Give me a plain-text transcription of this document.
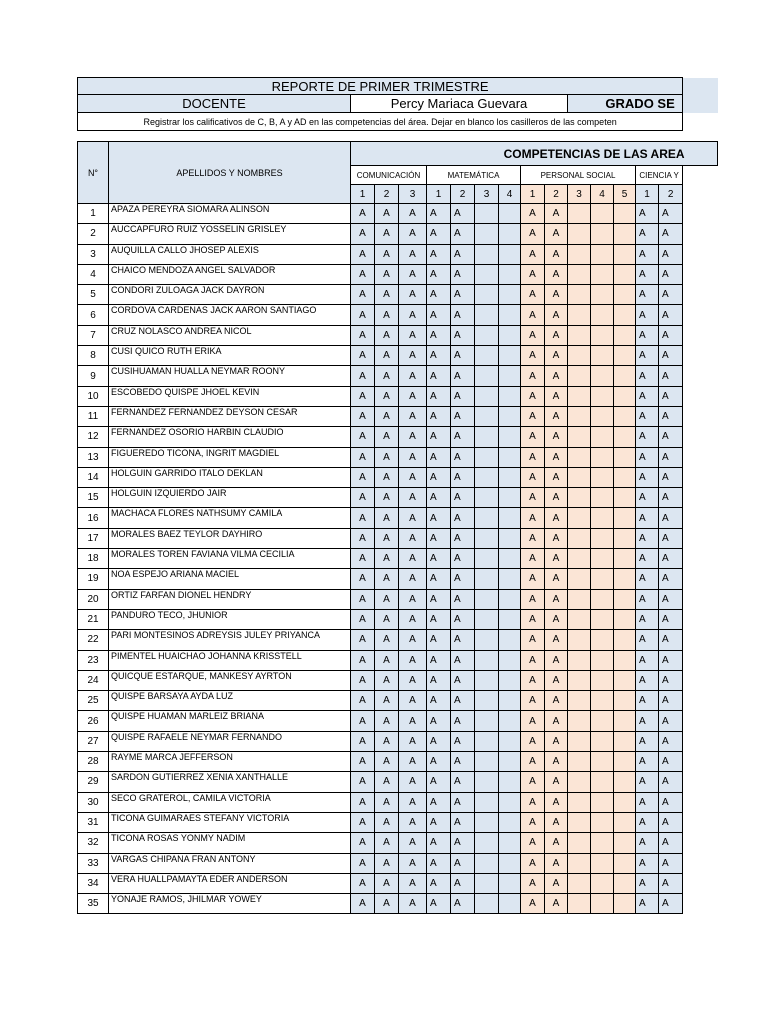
REPORTE DE PRIMER TRIMESTRE																
DOCENTE		Percy Mariaca Guevara									GRADO SE					
Registrar los calificativos de C, B, A y AD en las competencias del área. Dejar en blanco los casilleros de las competen																

N°	APELLIDOS Y NOMBRES	COMPETENCIAS DE LAS AREA														
		COMUNICACIÓN			MATEMÁTICA				PERSONAL SOCIAL					CIENCIA Y		
		1	2	3	1	2	3	4	1	2	3	4	5	1	2	
1	APAZA PEREYRA SIOMARA ALINSON	A	A	A	A	A			A	A				A	A	
2	AUCCAPFURO RUIZ YOSSELIN GRISLEY	A	A	A	A	A			A	A				A	A	
3	AUQUILLA CALLO JHOSEP ALEXIS	A	A	A	A	A			A	A				A	A	
4	CHAICO MENDOZA ANGEL SALVADOR	A	A	A	A	A			A	A				A	A	
5	CONDORI ZULOAGA JACK DAYRON	A	A	A	A	A			A	A				A	A	
6	CORDOVA CARDENAS JACK AARON SANTIAGO	A	A	A	A	A			A	A				A	A	
7	CRUZ NOLASCO ANDREA NICOL	A	A	A	A	A			A	A				A	A	
8	CUSI QUICO RUTH ERIKA	A	A	A	A	A			A	A				A	A	
9	CUSIHUAMAN HUALLA NEYMAR ROONY	A	A	A	A	A			A	A				A	A	
10	ESCOBEDO QUISPE JHOEL KEVIN	A	A	A	A	A			A	A				A	A	
11	FERNANDEZ FERNANDEZ DEYSON CESAR	A	A	A	A	A			A	A				A	A	
12	FERNANDEZ OSORIO HARBIN CLAUDIO	A	A	A	A	A			A	A				A	A	
13	FIGUEREDO TICONA, INGRIT MAGDIEL	A	A	A	A	A			A	A				A	A	
14	HOLGUIN GARRIDO ITALO DEKLAN	A	A	A	A	A			A	A				A	A	
15	HOLGUIN IZQUIERDO JAIR	A	A	A	A	A			A	A				A	A	
16	MACHACA FLORES NATHSUMY CAMILA	A	A	A	A	A			A	A				A	A	
17	MORALES BAEZ TEYLOR DAYHIRO	A	A	A	A	A			A	A				A	A	
18	MORALES TOREN FAVIANA VILMA CECILIA	A	A	A	A	A			A	A				A	A	
19	NOA ESPEJO ARIANA MACIEL	A	A	A	A	A			A	A				A	A	
20	ORTIZ FARFAN DIONEL HENDRY	A	A	A	A	A			A	A				A	A	
21	PANDURO TECO, JHUNIOR	A	A	A	A	A			A	A				A	A	
22	PARI MONTESINOS ADREYSIS JULEY PRIYANCA	A	A	A	A	A			A	A				A	A	
23	PIMENTEL HUAICHAO JOHANNA KRISSTELL	A	A	A	A	A			A	A				A	A	
24	QUICQUE ESTARQUE, MANKESY AYRTON	A	A	A	A	A			A	A				A	A	
25	QUISPE BARSAYA AYDA LUZ	A	A	A	A	A			A	A				A	A	
26	QUISPE HUAMAN MARLEIZ BRIANA	A	A	A	A	A			A	A				A	A	
27	QUISPE RAFAELE NEYMAR FERNANDO	A	A	A	A	A			A	A				A	A	
28	RAYME MARCA JEFFERSON	A	A	A	A	A			A	A				A	A	
29	SARDON GUTIERREZ XENIA XANTHALLE	A	A	A	A	A			A	A				A	A	
30	SECO GRATEROL, CAMILA VICTORIA	A	A	A	A	A			A	A				A	A	
31	TICONA GUIMARAES STEFANY VICTORIA	A	A	A	A	A			A	A				A	A	
32	TICONA ROSAS YONMY NADIM	A	A	A	A	A			A	A				A	A	
33	VARGAS CHIPANA FRAN ANTONY	A	A	A	A	A			A	A				A	A	
34	VERA HUALLPAMAYTA EDER ANDERSON	A	A	A	A	A			A	A				A	A	
35	YONAJE RAMOS, JHILMAR YOWEY	A	A	A	A	A			A	A				A	A	
